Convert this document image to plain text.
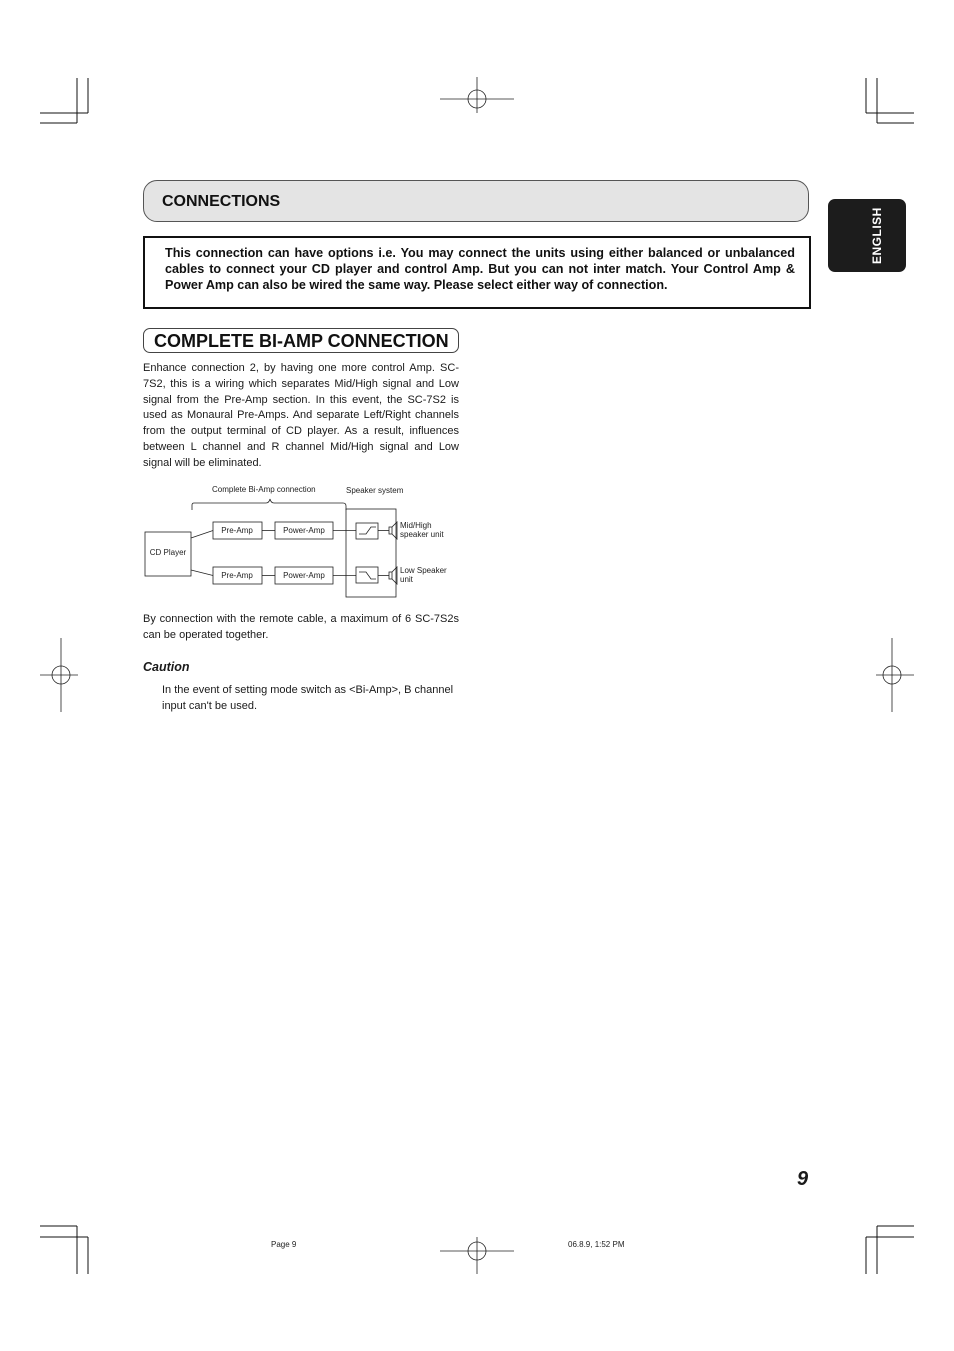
CONNECTIONS
ENGLISH
This connection can have options i.e. You may connect the units using either balanced or unbalanced cables to connect your CD player and control Amp. But you can not inter match. Your Control Amp & Power Amp can also be wired the same way. Please select either way of connection.
COMPLETE BI-AMP CONNECTION
Enhance connection 2, by having one more control Amp. SC-7S2, this is a wiring which separates Mid/High signal and Low signal from the Pre-Amp section. In this event, the SC-7S2 is used as Monaural Pre-Amps. And separate Left/Right channels from the output terminal of CD player. As a result, influences between L channel and R channel Mid/High signal and Low signal will be eliminated.
Complete Bi-Amp connection	Speaker system
CD Player
Pre-Amp	Power-Amp
Pre-Amp	Power-Amp
Mid/High
speaker unit
Low Speaker
unit
By connection with the remote cable, a maximum of 6 SC-7S2s can be operated together.
Caution
In the event of setting mode switch as <Bi-Amp>, B channel input can't be used.
9
Page 9	06.8.9, 1:52 PM
